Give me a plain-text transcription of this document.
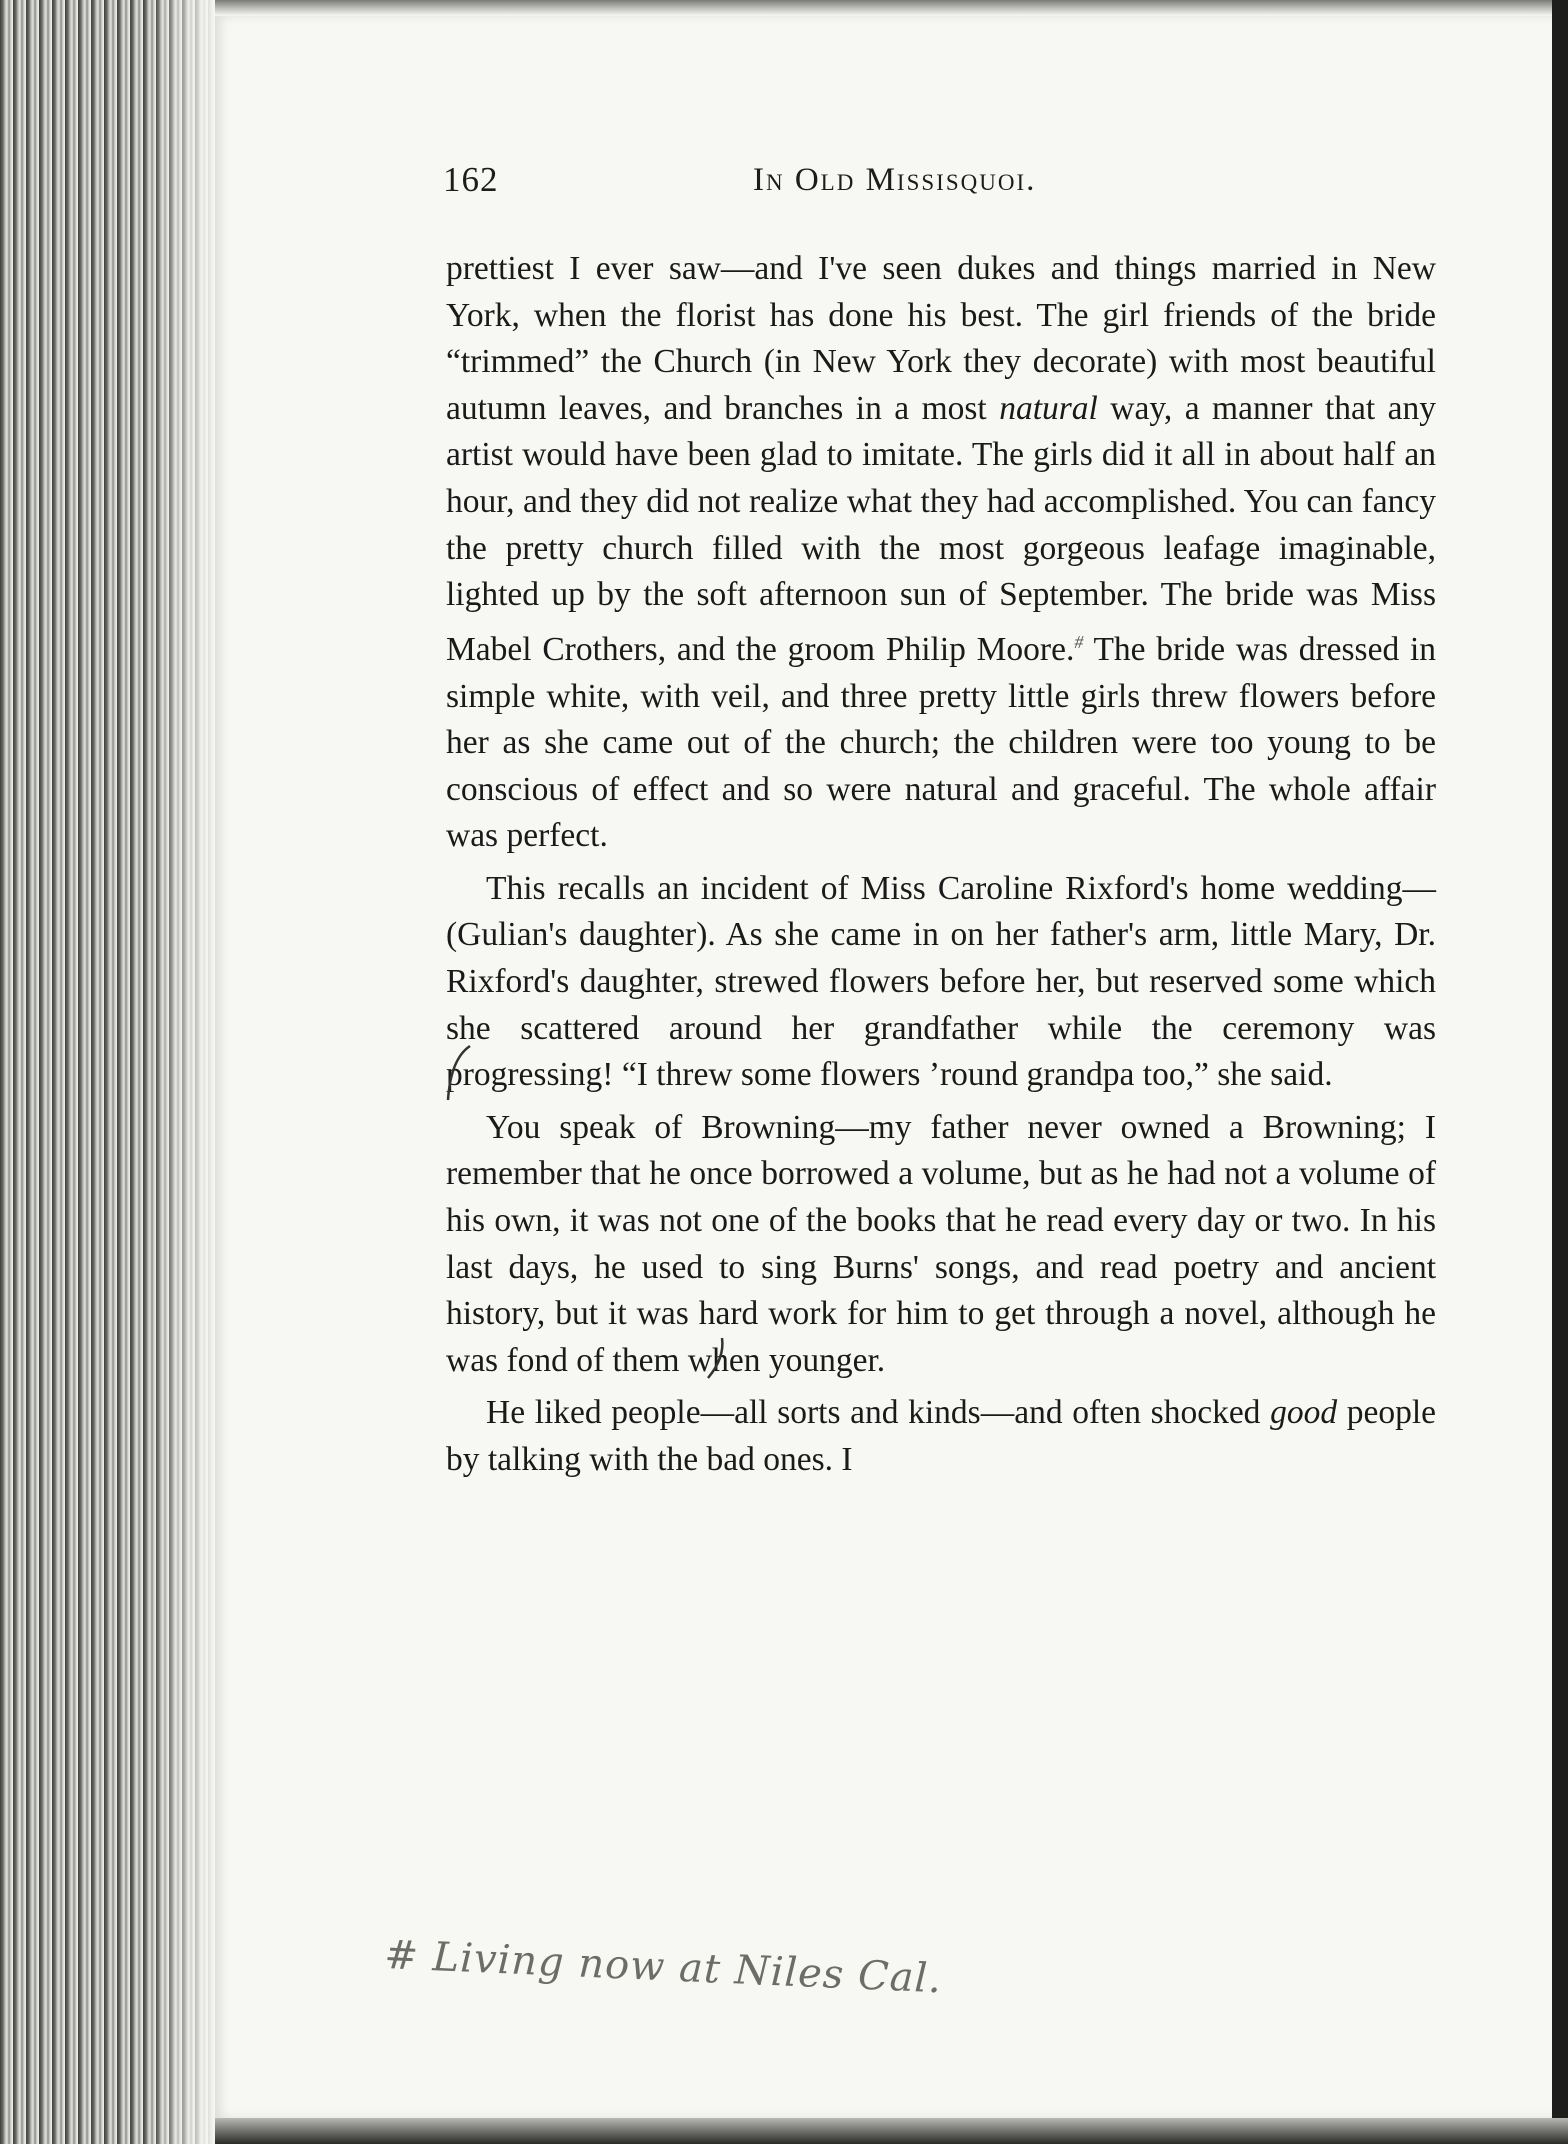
162	In Old Missisquoi.

prettiest I ever saw—and I've seen dukes and things married in New York, when the florist has done his best. The girl friends of the bride “trimmed” the Church (in New York they decorate) with most beautiful autumn leaves, and branches in a most natural way, a manner that any artist would have been glad to imitate. The girls did it all in about half an hour, and they did not realize what they had accomplished. You can fancy the pretty church filled with the most gorgeous leafage imaginable, lighted up by the soft afternoon sun of September. The bride was Miss Mabel Crothers, and the groom Philip Moore.# The bride was dressed in simple white, with veil, and three pretty little girls threw flowers before her as she came out of the church; the children were too young to be conscious of effect and so were natural and graceful. The whole affair was perfect.

This recalls an incident of Miss Caroline Rixford's home wedding—(Gulian's daughter). As she came in on her father's arm, little Mary, Dr. Rixford's daughter, strewed flowers before her, but reserved some which she scattered around her grandfather while the ceremony was progressing! “I threw some flowers ’round grandpa too,” she said.

You speak of Browning—my father never owned a Browning; I remember that he once borrowed a volume, but as he had not a volume of his own, it was not one of the books that he read every day or two. In his last days, he used to sing Burns' songs, and read poetry and ancient history, but it was hard work for him to get through a novel, although he was fond of them when younger.

He liked people—all sorts and kinds—and often shocked good people by talking with the bad ones. I

# Living now at Niles Cal.
